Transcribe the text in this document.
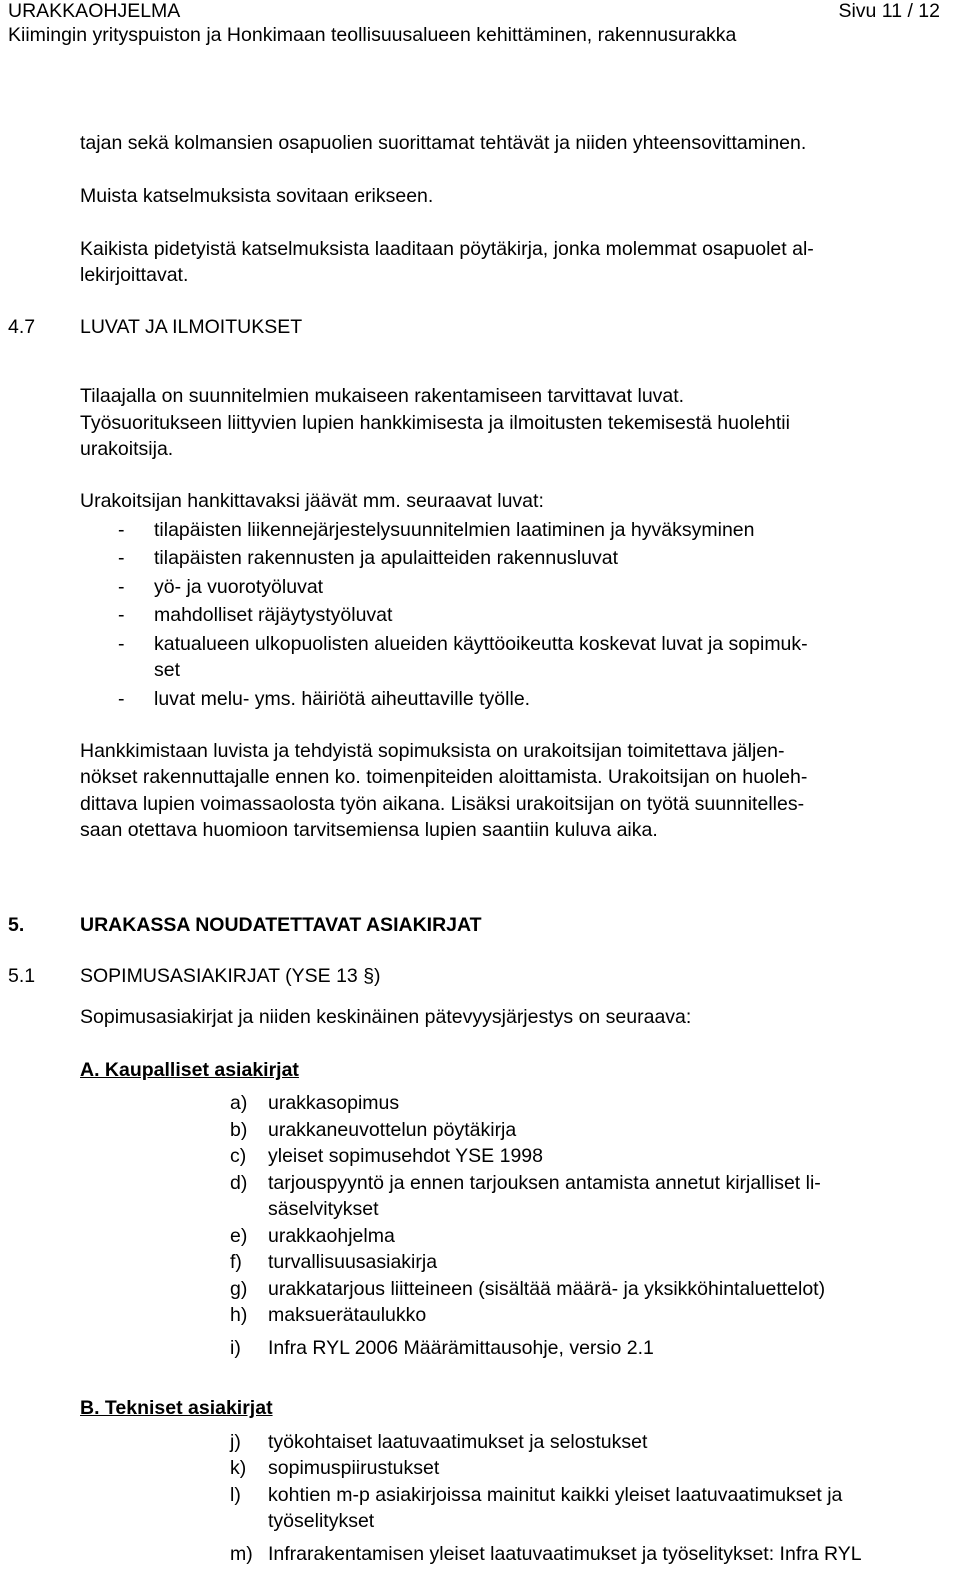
URAKKAOHJELMA	Sivu 11 / 12
Kiimingin yrityspuiston ja Honkimaan teollisuusalueen kehittäminen, rakennusurakka
tajan sekä kolmansien osapuolien suorittamat tehtävät ja niiden yhteensovittaminen.
Muista katselmuksista sovitaan erikseen.
Kaikista pidetyistä katselmuksista laaditaan pöytäkirja, jonka molemmat osapuolet al-
lekirjoittavat.
4.7 LUVAT JA ILMOITUKSET
Tilaajalla on suunnitelmien mukaiseen rakentamiseen tarvittavat luvat.
Työsuoritukseen liittyvien lupien hankkimisesta ja ilmoitusten tekemisestä huolehtii
urakoitsija.
Urakoitsijan hankittavaksi jäävät mm. seuraavat luvat:
- tilapäisten liikennejärjestelysuunnitelmien laatiminen ja hyväksyminen
- tilapäisten rakennusten ja apulaitteiden rakennusluvat
- yö- ja vuorotyöluvat
- mahdolliset räjäytystyöluvat
- katualueen ulkopuolisten alueiden käyttöoikeutta koskevat luvat ja sopimuk-
set
- luvat melu- yms. häiriötä aiheuttaville työlle.
Hankkimistaan luvista ja tehdyistä sopimuksista on urakoitsijan toimitettava jäljen-
nökset rakennuttajalle ennen ko. toimenpiteiden aloittamista. Urakoitsijan on huoleh-
dittava lupien voimassaolosta työn aikana. Lisäksi urakoitsijan on työtä suunnitelles-
saan otettava huomioon tarvitsemiensa lupien saantiin kuluva aika.
5.	URAKASSA NOUDATETTAVAT ASIAKIRJAT
5.1 SOPIMUSASIAKIRJAT (YSE 13 §)
Sopimusasiakirjat ja niiden keskinäinen pätevyysjärjestys on seuraava:
A. Kaupalliset asiakirjat
a) urakkasopimus
b) urakkaneuvottelun pöytäkirja
c) yleiset sopimusehdot YSE 1998
d) tarjouspyyntö ja ennen tarjouksen antamista annetut kirjalliset li-
säselvitykset
e) urakkaohjelma
f) turvallisuusasiakirja
g) urakkatarjous liitteineen (sisältää määrä- ja yksikköhintaluettelot)
h) maksuerätaulukko
i) Infra RYL 2006 Määrämittausohje, versio 2.1
B. Tekniset asiakirjat
j) työkohtaiset laatuvaatimukset ja selostukset
k) sopimuspiirustukset
l) kohtien m-p asiakirjoissa mainitut kaikki yleiset laatuvaatimukset ja
työselitykset
m) Infrarakentamisen yleiset laatuvaatimukset ja työselitykset: Infra RYL
